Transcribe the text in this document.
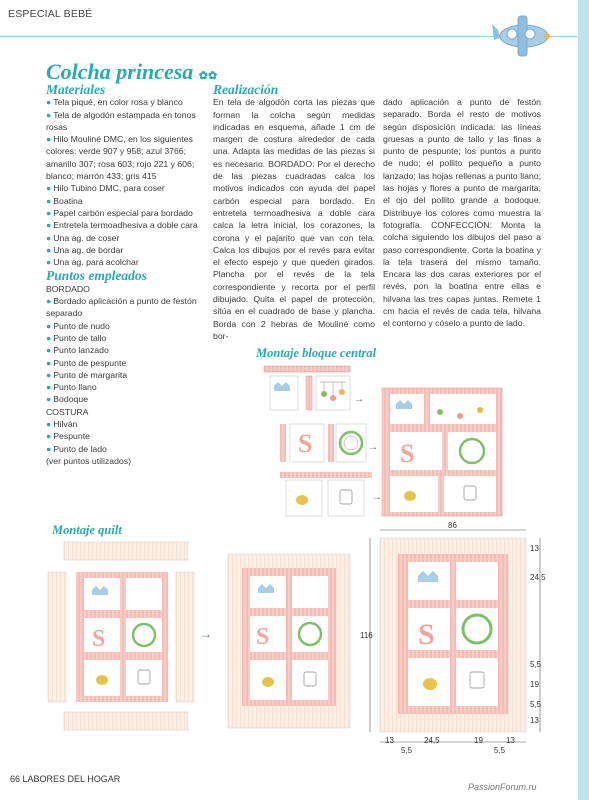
ESPECIAL BEBÉ
Colcha princesa ✿✿
Materiales

● Tela piqué, en color rosa y blanco

● Tela de algodón estampada en tonos rosas

● Hilo Mouliné DMC, en los siguientes colores: verde 907 y 958; azul 3766; amarillo 307; rosa 603; rojo 221 y 606; blanco; marrón 433; gris 415

● Hilo Tubino DMC, para coser

● Boatina

● Papel carbón especial para bordado

● Entretela termoadhesiva a doble cara

● Una ag. de coser

● Una ag. de bordar

● Una ag. para acolchar

Puntos empleados

BORDADO

● Bordado aplicación a punto de festón separado

● Punto de nudo

● Punto de tallo

● Punto lanzado

● Punto de pespunte

● Punto de margarita

● Punto llano

● Bodoque

COSTURA

● Hilván

● Pespunte

● Punto de lado

(ver puntos utilizados)

Realización

En tela de algodón corta las piezas que forman la colcha según medidas indicadas en esquema, añade 1 cm de margen de costura alrededor de cada una. Adapta las medidas de las piezas si es necesario. BORDADO: Por el derecho de las piezas cuadradas calca los motivos indicados con ayuda del papel carbón especial para bordado. En entretela termoadhesiva a doble cara calca la letra inicial, los corazones, la corona y el pajarito que van con tela. Calca los dibujos por el revés para evitar el efecto espejo y que queden girados. Plancha por el revés de la tela correspondiente y recorta por el perfil dibujado. Quita el papel de protección, sitúa en el cuadrado de base y plancha. Borda con 2 hebras de Mouliné como bor-

dado aplicación a punto de festón separado. Borda el resto de motivos según disposición indicada: las líneas gruesas a punto de tallo y las finas a punto de pespunte; los puntos a punto de nudo; el pollito pequeño a punto lanzado; las hojas rellenas a punto llano; las hojas y flores a punto de margarita; el ojo del pollito grande a bodoque. Distribuye los colores como muestra la fotografía. CONFECCIÓN: Monta la colcha siguiendo los dibujos del paso a paso correspondiente. Corta la boatina y la tela trasera del mismo tamaño. Encara las dos caras exteriores por el revés, pon la boatina entre ellas e hilvana las tres capas juntas. Remete 1 cm hacia el revés de cada tela, hilvana el contorno y cóselo a punto de lado.

Montaje bloque central
S
→
→
→
S
Montaje quilt
S	→ S	S
86
116
13
24,5
5,5
19
5,5
13
13	24,5
5,5
19	13
5,5
66 LABORES DEL HOGAR
PassionForum.ru
